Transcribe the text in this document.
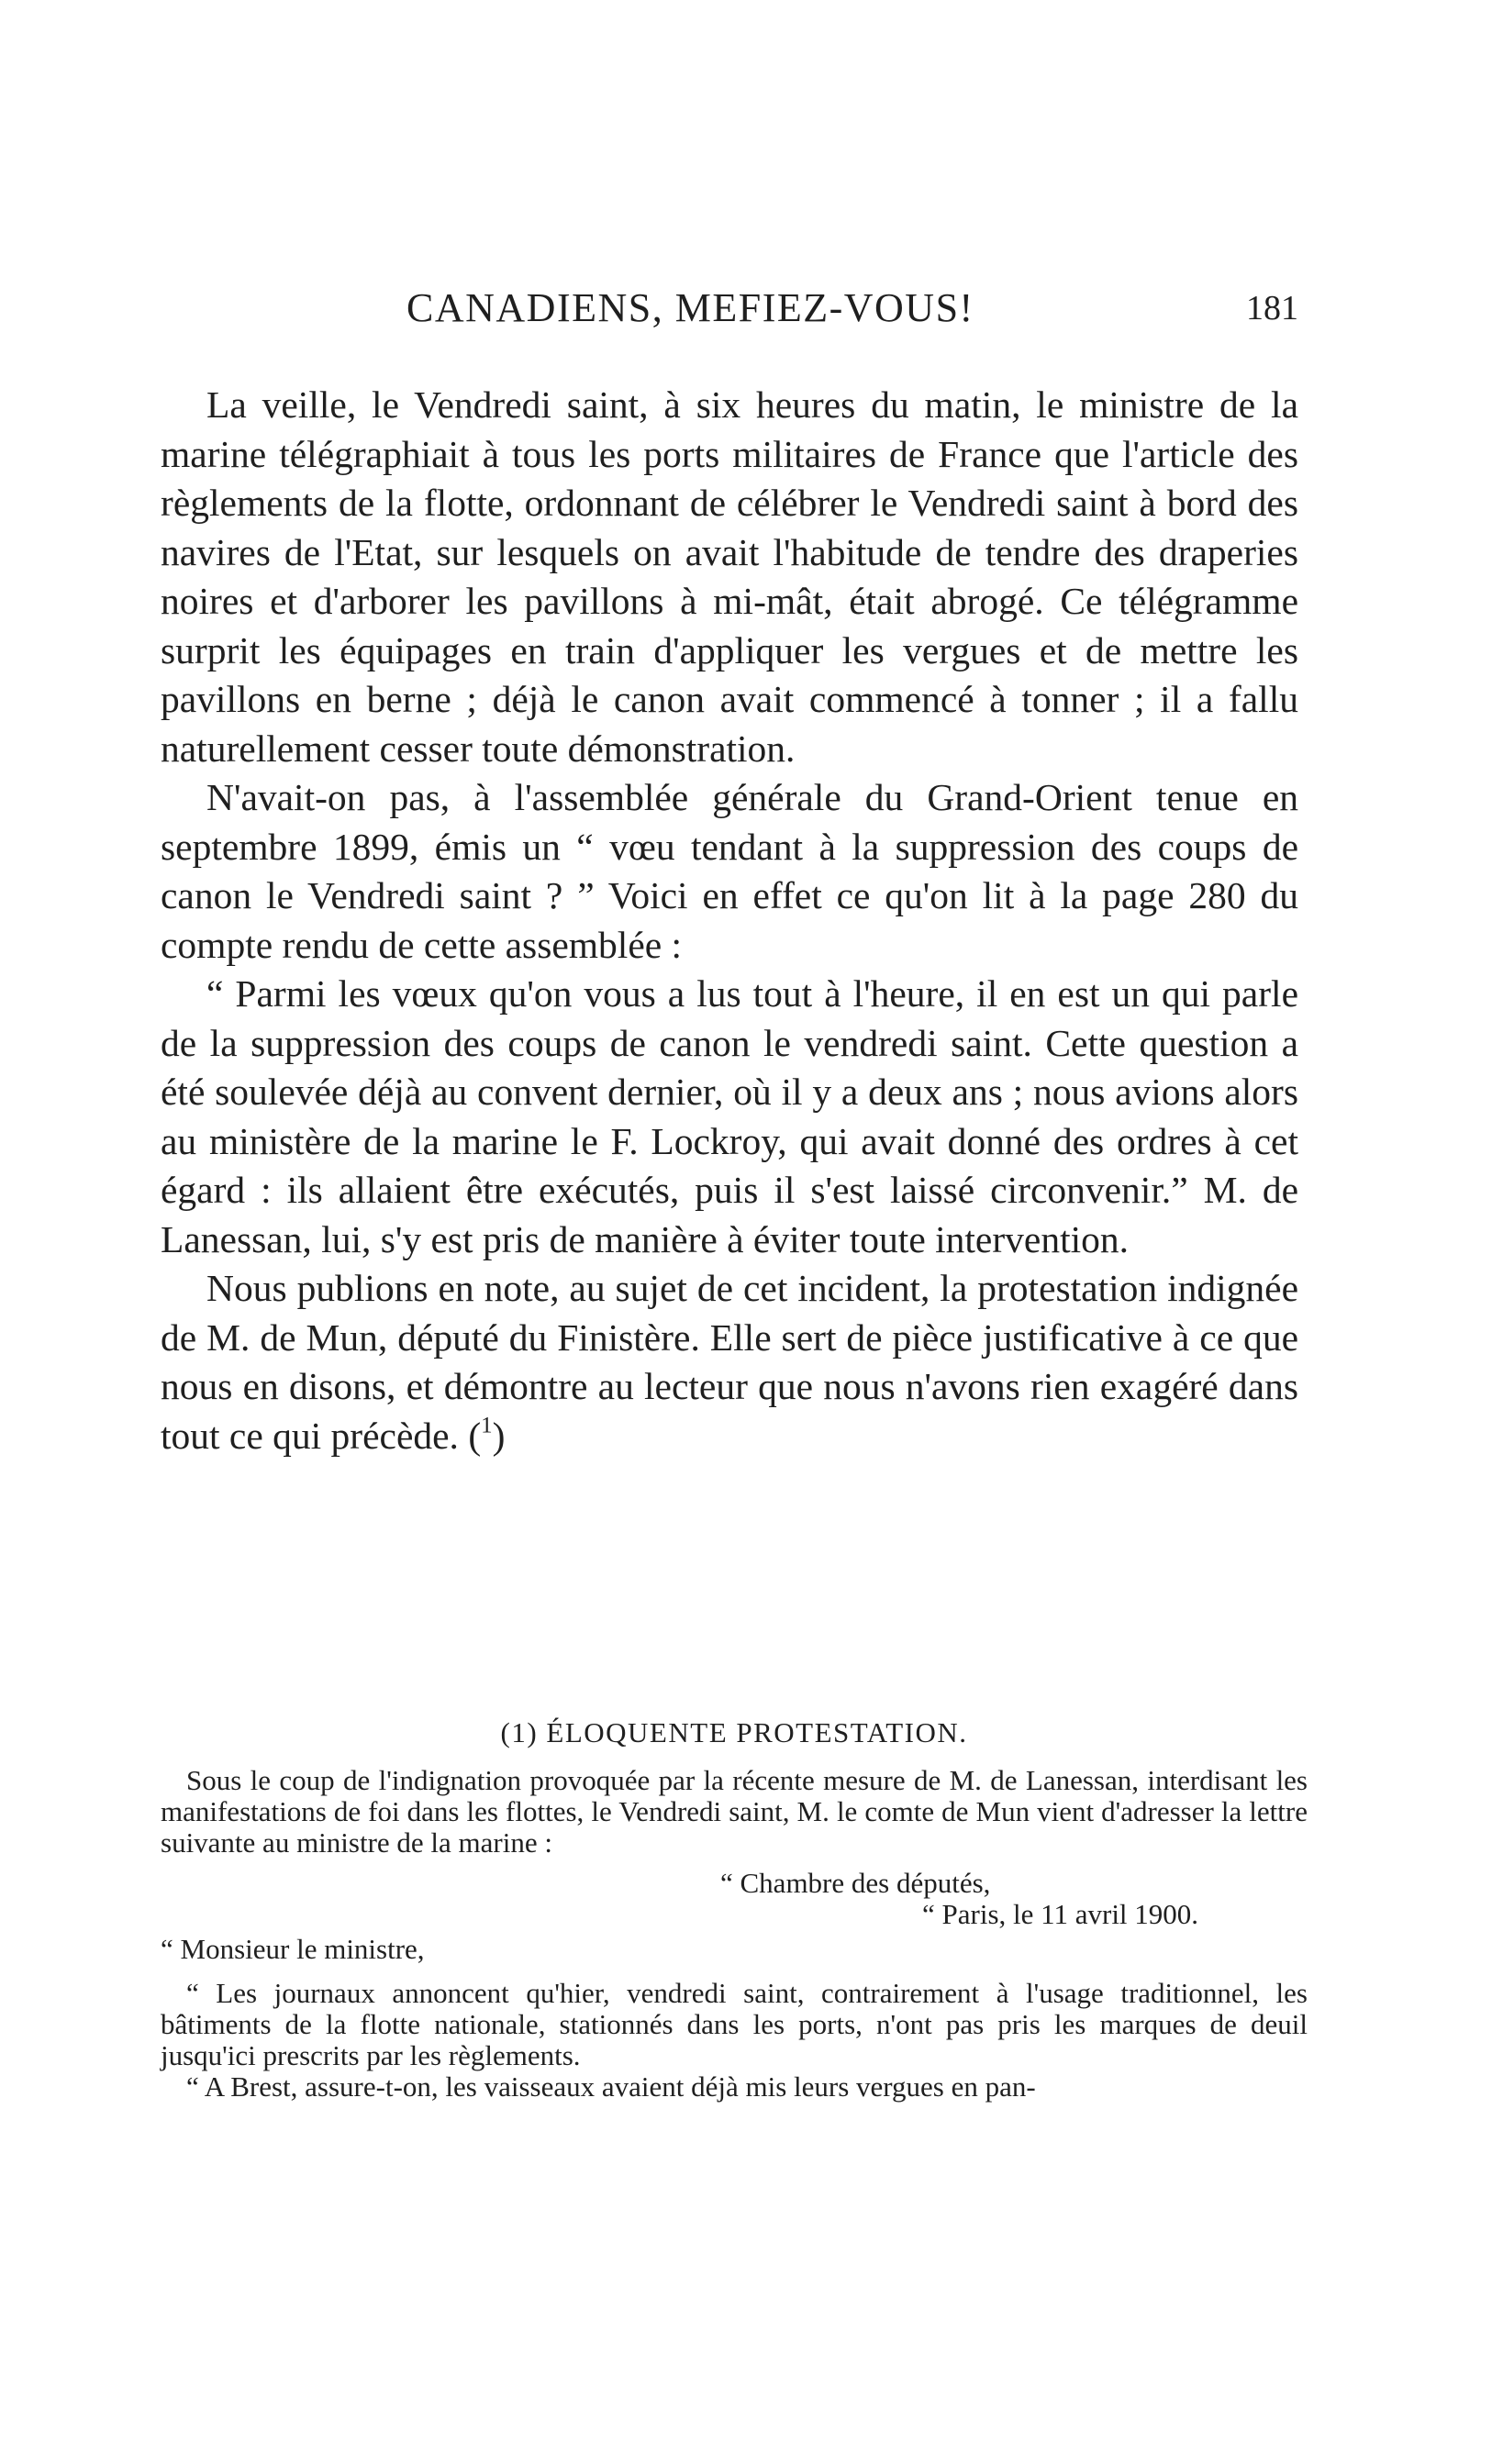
CANADIENS, MEFIEZ-VOUS!	181

La veille, le Vendredi saint, à six heures du matin, le ministre de la marine télégraphiait à tous les ports militaires de France que l'article des règlements de la flotte, ordonnant de célébrer le Vendredi saint à bord des navires de l'Etat, sur lesquels on avait l'habitude de tendre des draperies noires et d'arborer les pavillons à mi-mât, était abrogé. Ce télégramme surprit les équipages en train d'appliquer les vergues et de mettre les pavillons en berne ; déjà le canon avait commencé à tonner ; il a fallu naturellement cesser toute démonstration.

N'avait-on pas, à l'assemblée générale du Grand-Orient tenue en septembre 1899, émis un “ vœu tendant à la suppression des coups de canon le Vendredi saint ? ” Voici en effet ce qu'on lit à la page 280 du compte rendu de cette assemblée :

“ Parmi les vœux qu'on vous a lus tout à l'heure, il en est un qui parle de la suppression des coups de canon le vendredi saint. Cette question a été soulevée déjà au convent dernier, où il y a deux ans ; nous avions alors au ministère de la marine le F. Lockroy, qui avait donné des ordres à cet égard : ils allaient être exécutés, puis il s'est laissé circonvenir.” M. de Lanessan, lui, s'y est pris de manière à éviter toute intervention.

Nous publions en note, au sujet de cet incident, la protestation indignée de M. de Mun, député du Finistère. Elle sert de pièce justificative à ce que nous en disons, et démontre au lecteur que nous n'avons rien exagéré dans tout ce qui précède. ($^1$)

(1) ÉLOQUENTE PROTESTATION.

Sous le coup de l'indignation provoquée par la récente mesure de M. de Lanessan, interdisant les manifestations de foi dans les flottes, le Vendredi saint, M. le comte de Mun vient d'adresser la lettre suivante au ministre de la marine :

“ Chambre des députés,

“ Paris, le 11 avril 1900.

“ Monsieur le ministre,

“ Les journaux annoncent qu'hier, vendredi saint, contrairement à l'usage traditionnel, les bâtiments de la flotte nationale, stationnés dans les ports, n'ont pas pris les marques de deuil jusqu'ici prescrits par les règlements.

“ A Brest, assure-t-on, les vaisseaux avaient déjà mis leurs vergues en pan-
